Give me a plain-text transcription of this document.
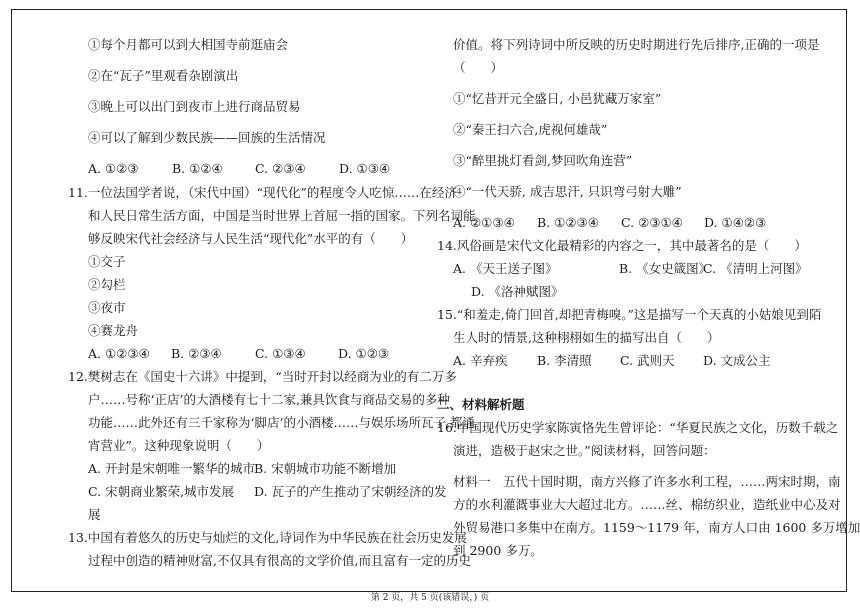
①每个月都可以到大相国寺前逛庙会
②在“瓦子”里观看杂剧演出
③晚上可以出门到夜市上进行商品贸易
④可以了解到少数民族——回族的生活情况
A. ①②③	B. ①②④	C. ②③④	D. ①③④
11.一位法国学者说，（宋代中国）“现代化”的程度令人吃惊……在经济
和人民日常生活方面，中国是当时世界上首屈一指的国家。下列名词能
够反映宋代社会经济与人民生活“现代化”水平的有（　　）
①交子
②勾栏
③夜市
④赛龙舟
A. ①②③④ B. ②③④	C. ①③④	D. ①②③
12.樊树志在《国史十六讲》中提到，“当时开封以经商为业的有二万多
户……号称‘正店’的大酒楼有七十二家,兼具饮食与商品交易的多种
功能……此外还有三千家称为‘脚店’的小酒楼……与娱乐场所瓦子,都通
宵营业”。这种现象说明（　　）
A. 开封是宋朝唯一繁华的城市 B. 宋朝城市功能不断增加
C. 宋朝商业繁荣,城市发展 D. 瓦子的产生推动了宋朝经济的发
展
13.中国有着悠久的历史与灿烂的文化,诗词作为中华民族在社会历史发展
过程中创造的精神财富,不仅具有很高的文学价值,而且富有一定的历史
价值。将下列诗词中所反映的历史时期进行先后排序,正确的一项是
（　　）
①“忆昔开元全盛日, 小邑犹藏万家室”
②“秦王扫六合,虎视何雄哉”
③“醉里挑灯看剑,梦回吹角连营”
④“一代天骄, 成吉思汗, 只识弯弓射大雕”
A. ②①③④ B. ①②③④ C. ②③①④ D. ①④②③
14.风俗画是宋代文化最精彩的内容之一，其中最著名的是（　　）
A. 《天王送子图》	B. 《女史箴图》
C. 《清明上河图》
D. 《洛神赋图》
15.“和羞走,倚门回首,却把青梅嗅。”这是描写一个天真的小姑娘见到陌
生人时的情景,这种栩栩如生的描写出自（　　）
A. 辛弃疾 B. 李清照 C. 武则天 D. 文成公主
二、材料解析题
16.中国现代历史学家陈寅恪先生曾评论：“华夏民族之文化，历数千载之
演进，造极于赵宋之世。”阅读材料，回答问题：
材料一　五代十国时期，南方兴修了许多水利工程，……两宋时期，南
方的水利灌溉事业大大超过北方。……丝、棉纺织业，造纸业中心及对
外贸易港口多集中在南方。1159～1179 年，南方人口由 1600 多万增加
到 2900 多万。
第 2 页，共 5 页(该错误，) 页
